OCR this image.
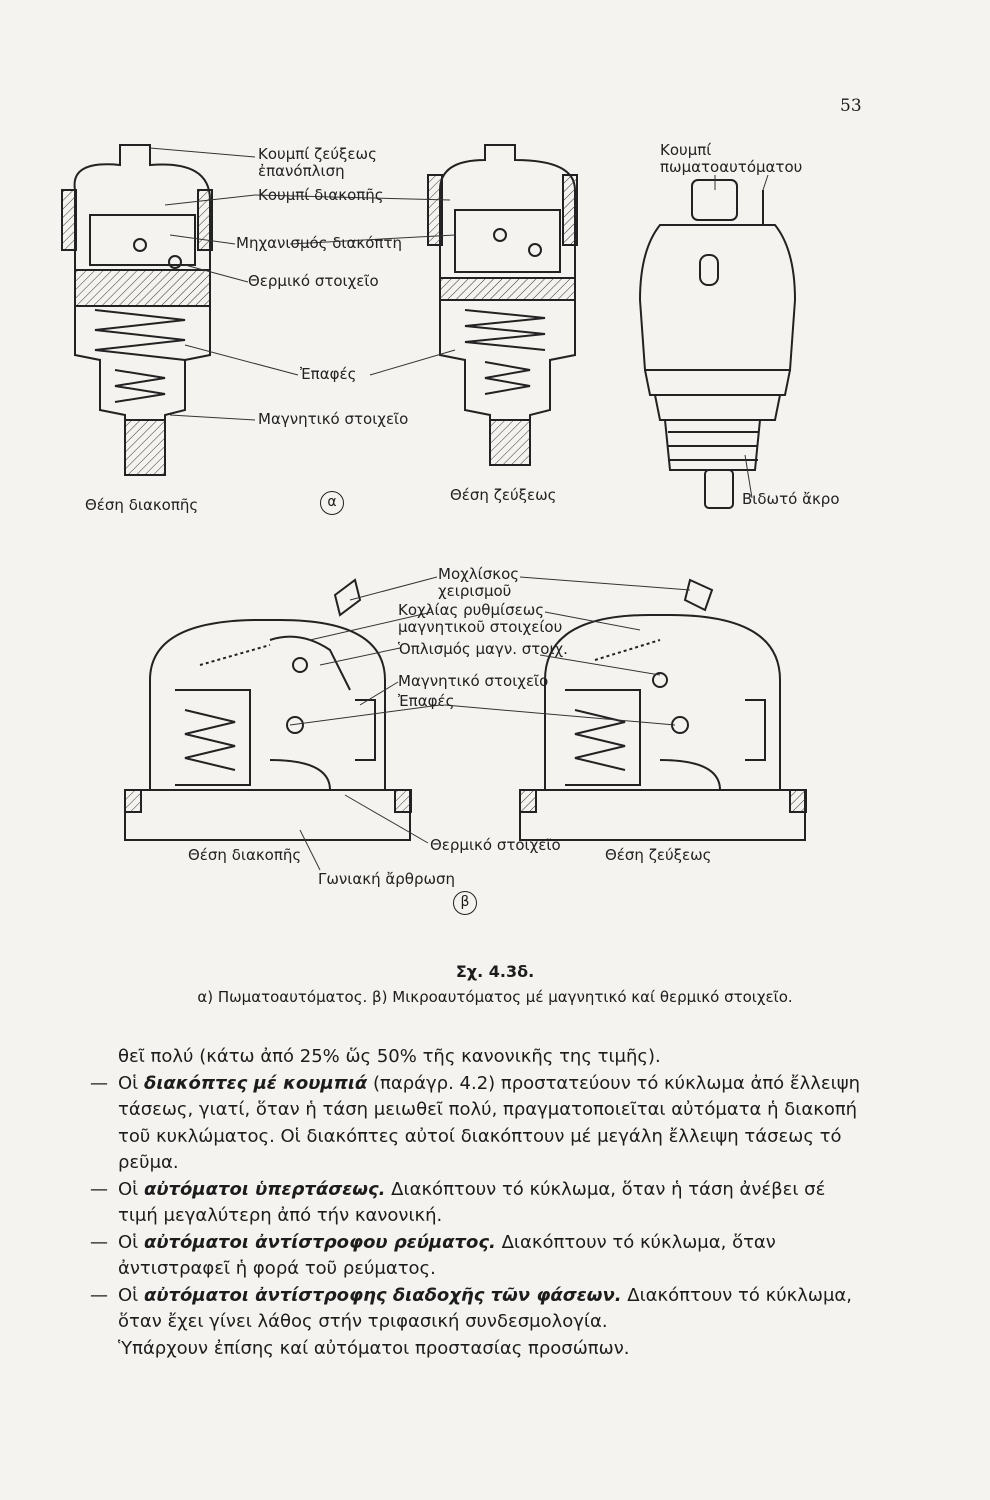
53
Κουμπί ζεύξεως
ἐπανόπλιση
Κουμπί διακοπῆς
Μηχανισμός διακόπτη
Θερμικό στοιχεῖο
Ἐπαφές
Μαγνητικό στοιχεῖο
Θέση διακοπῆς	α	Θέση ζεύξεως
Κουμπί
πωματοαυτόματου
Βιδωτό ἄκρο
Μοχλίσκος
χειρισμοῦ
Κοχλίας ρυθμίσεως
μαγνητικοῦ στοιχείου
Ὁπλισμός μαγν. στοιχ.
Μαγνητικό στοιχεῖο
Ἐπαφές
Θέση διακοπῆς
Θερμικό στοιχεῖο
Θέση ζεύξεως
Γωνιακή ἄρθρωση
β
Σχ. 4.3δ.
α) Πωματοαυτόματος. β) Μικροαυτόματος μέ μαγνητικό καί θερμικό στοιχεῖο.

θεῖ πολύ (κάτω ἀπό 25% ὥς 50% τῆς κανονικῆς της τιμῆς).

— Οἱ διακόπτες μέ κουμπιά (παράγρ. 4.2) προστατεύουν τό κύκλωμα ἀπό ἔλλειψη τάσεως, γιατί, ὅταν ἡ τάση μειωθεῖ πολύ, πραγματοποιεῖται αὐτόματα ἡ διακοπή τοῦ κυκλώματος. Οἱ διακόπτες αὐτοί διακόπτουν μέ μεγάλη ἔλλειψη τάσεως τό ρεῦμα.

— Οἱ αὐτόματοι ὑπερτάσεως. Διακόπτουν τό κύκλωμα, ὅταν ἡ τάση ἀνέβει σέ τιμή μεγαλύτερη ἀπό τήν κανονική.

— Οἱ αὐτόματοι ἀντίστροφου ρεύματος. Διακόπτουν τό κύκλωμα, ὅταν ἀντιστραφεῖ ἡ φορά τοῦ ρεύματος.

— Οἱ αὐτόματοι ἀντίστροφης διαδοχῆς τῶν φάσεων. Διακόπτουν τό κύκλωμα, ὅταν ἔχει γίνει λάθος στήν τριφασική συνδεσμολογία.

Ὑπάρχουν ἐπίσης καί αὐτόματοι προστασίας προσώπων.
